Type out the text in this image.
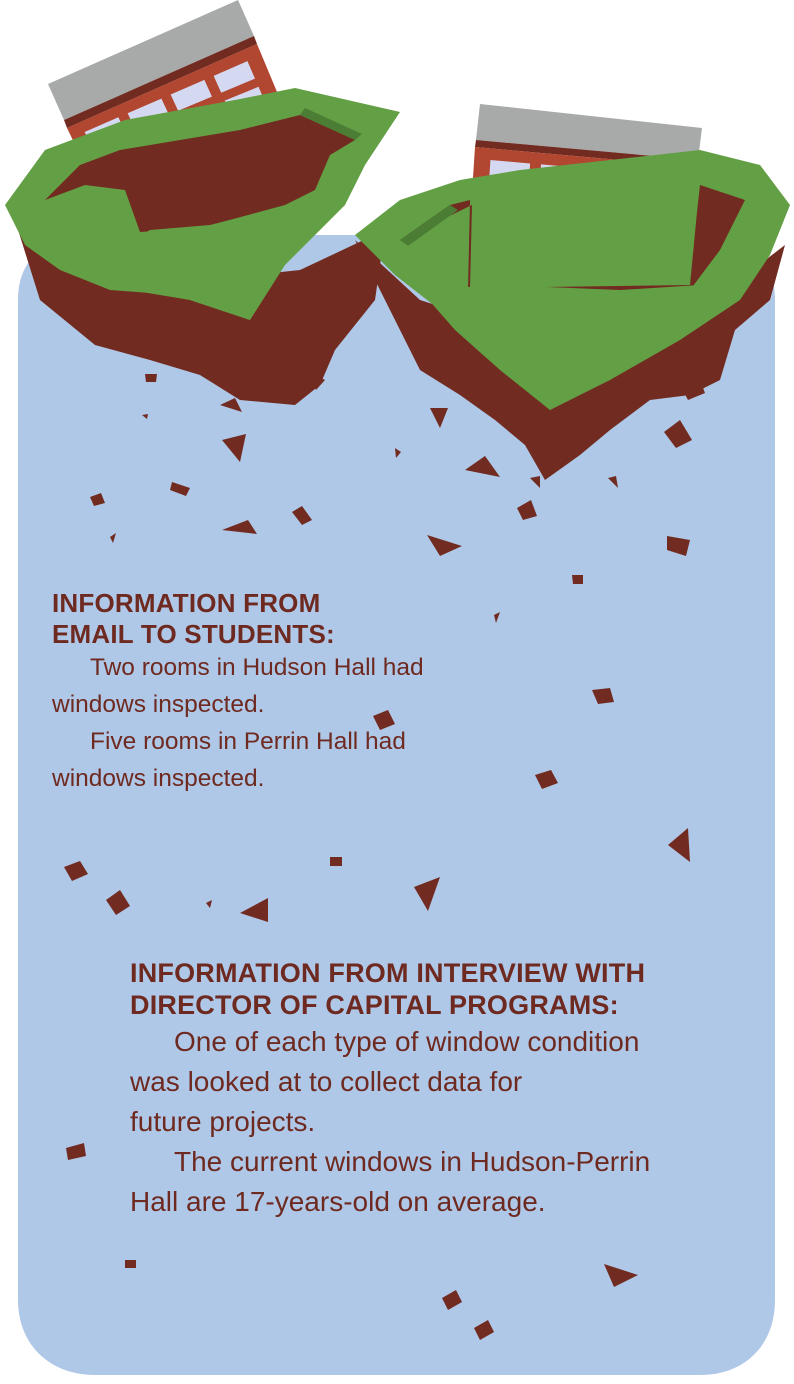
INFORMATION FROM
EMAIL TO STUDENTS:

Two rooms in Hudson Hall had
windows inspected.

Five rooms in Perrin Hall had
windows inspected.

INFORMATION FROM INTERVIEW WITH
DIRECTOR OF CAPITAL PROGRAMS:

One of each type of window condition
was looked at to collect data for
future projects.

The current windows in Hudson-Perrin
Hall are 17-years-old on average.
